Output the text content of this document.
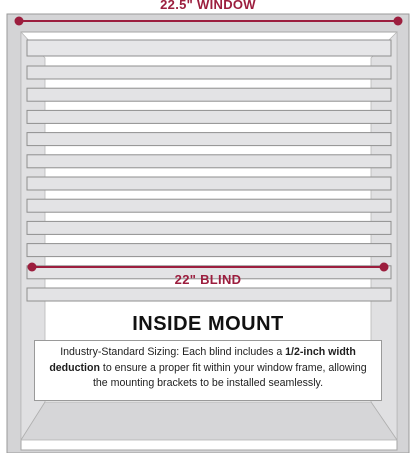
22.5" WINDOW
22" BLIND
INSIDE MOUNT
Industry-Standard Sizing: Each blind includes a 1/2-inch width
deduction to ensure a proper fit within your window frame, allowing the mounting brackets to be installed seamlessly.
